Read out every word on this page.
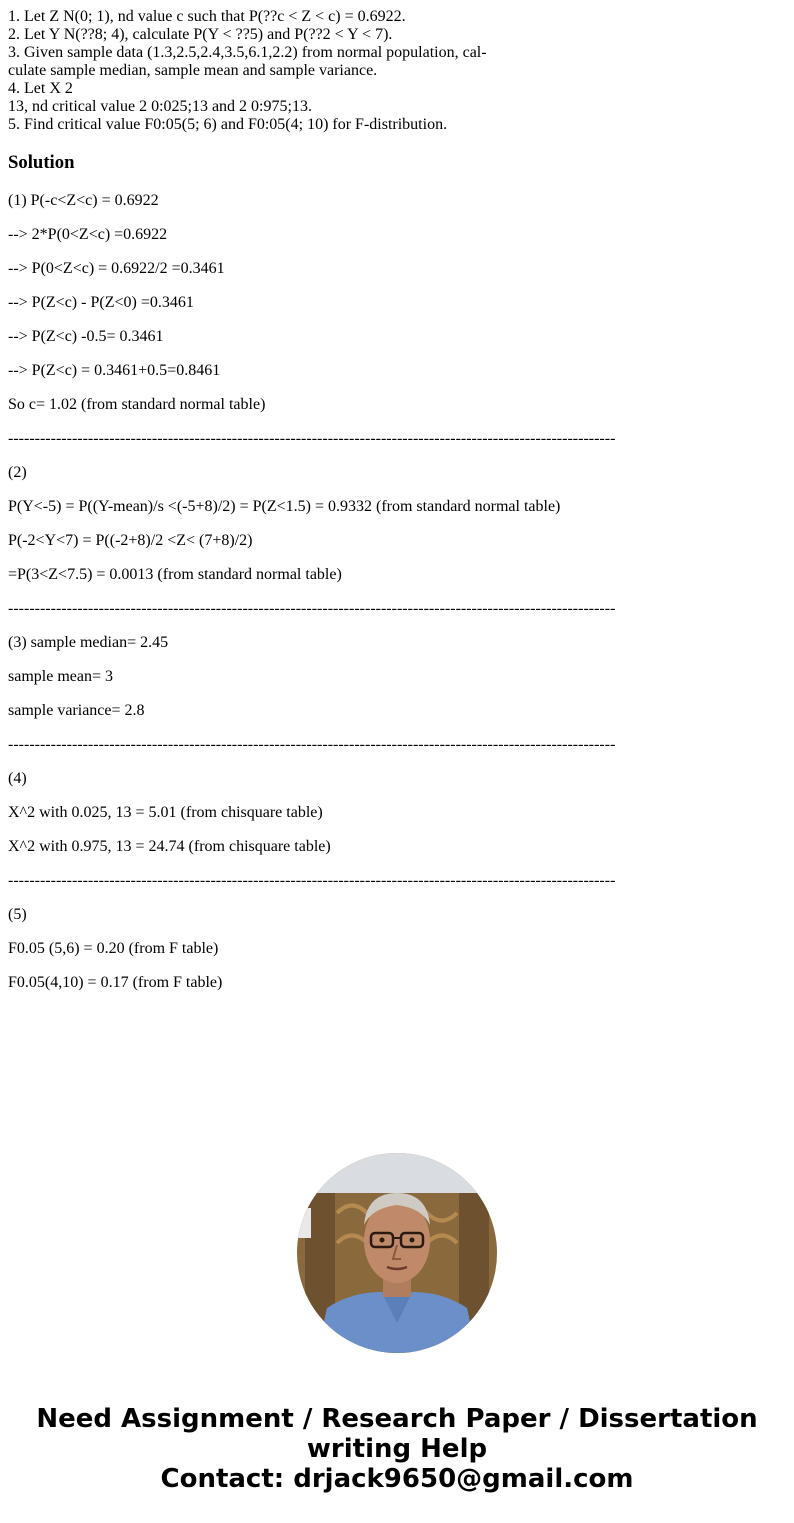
1. Let Z N(0; 1), nd value c such that P(??c < Z < c) = 0.6922.
2. Let Y N(??8; 4), calculate P(Y < ??5) and P(??2 < Y < 7).
3. Given sample data (1.3,2.5,2.4,3.5,6.1,2.2) from normal population, cal-
culate sample median, sample mean and sample variance.
4. Let X 2
13, nd critical value 2 0:025;13 and 2 0:975;13.
5. Find critical value F0:05(5; 6) and F0:05(4; 10) for F-distribution.
Solution

(1) P(-c<Z<c) = 0.6922

--> 2*P(0<Z<c) =0.6922

--> P(0<Z<c) = 0.6922/2 =0.3461

--> P(Z<c) - P(Z<0) =0.3461

--> P(Z<c) -0.5= 0.3461

--> P(Z<c) = 0.3461+0.5=0.8461

So c= 1.02 (from standard normal table)

------------------------------------------------------------------------------------------------------------------

(2)

P(Y<-5) = P((Y-mean)/s <(-5+8)/2) = P(Z<1.5) = 0.9332 (from standard normal table)

P(-2<Y<7) = P((-2+8)/2 <Z< (7+8)/2)

=P(3<Z<7.5) = 0.0013 (from standard normal table)

------------------------------------------------------------------------------------------------------------------

(3) sample median= 2.45

sample mean= 3

sample variance= 2.8

------------------------------------------------------------------------------------------------------------------

(4)

X^2 with 0.025, 13 = 5.01 (from chisquare table)

X^2 with 0.975, 13 = 24.74 (from chisquare table)

------------------------------------------------------------------------------------------------------------------

(5)

F0.05 (5,6) = 0.20 (from F table)

F0.05(4,10) = 0.17 (from F table)

Need Assignment / Research Paper / Dissertation
writing Help
Contact: drjack9650@gmail.com
